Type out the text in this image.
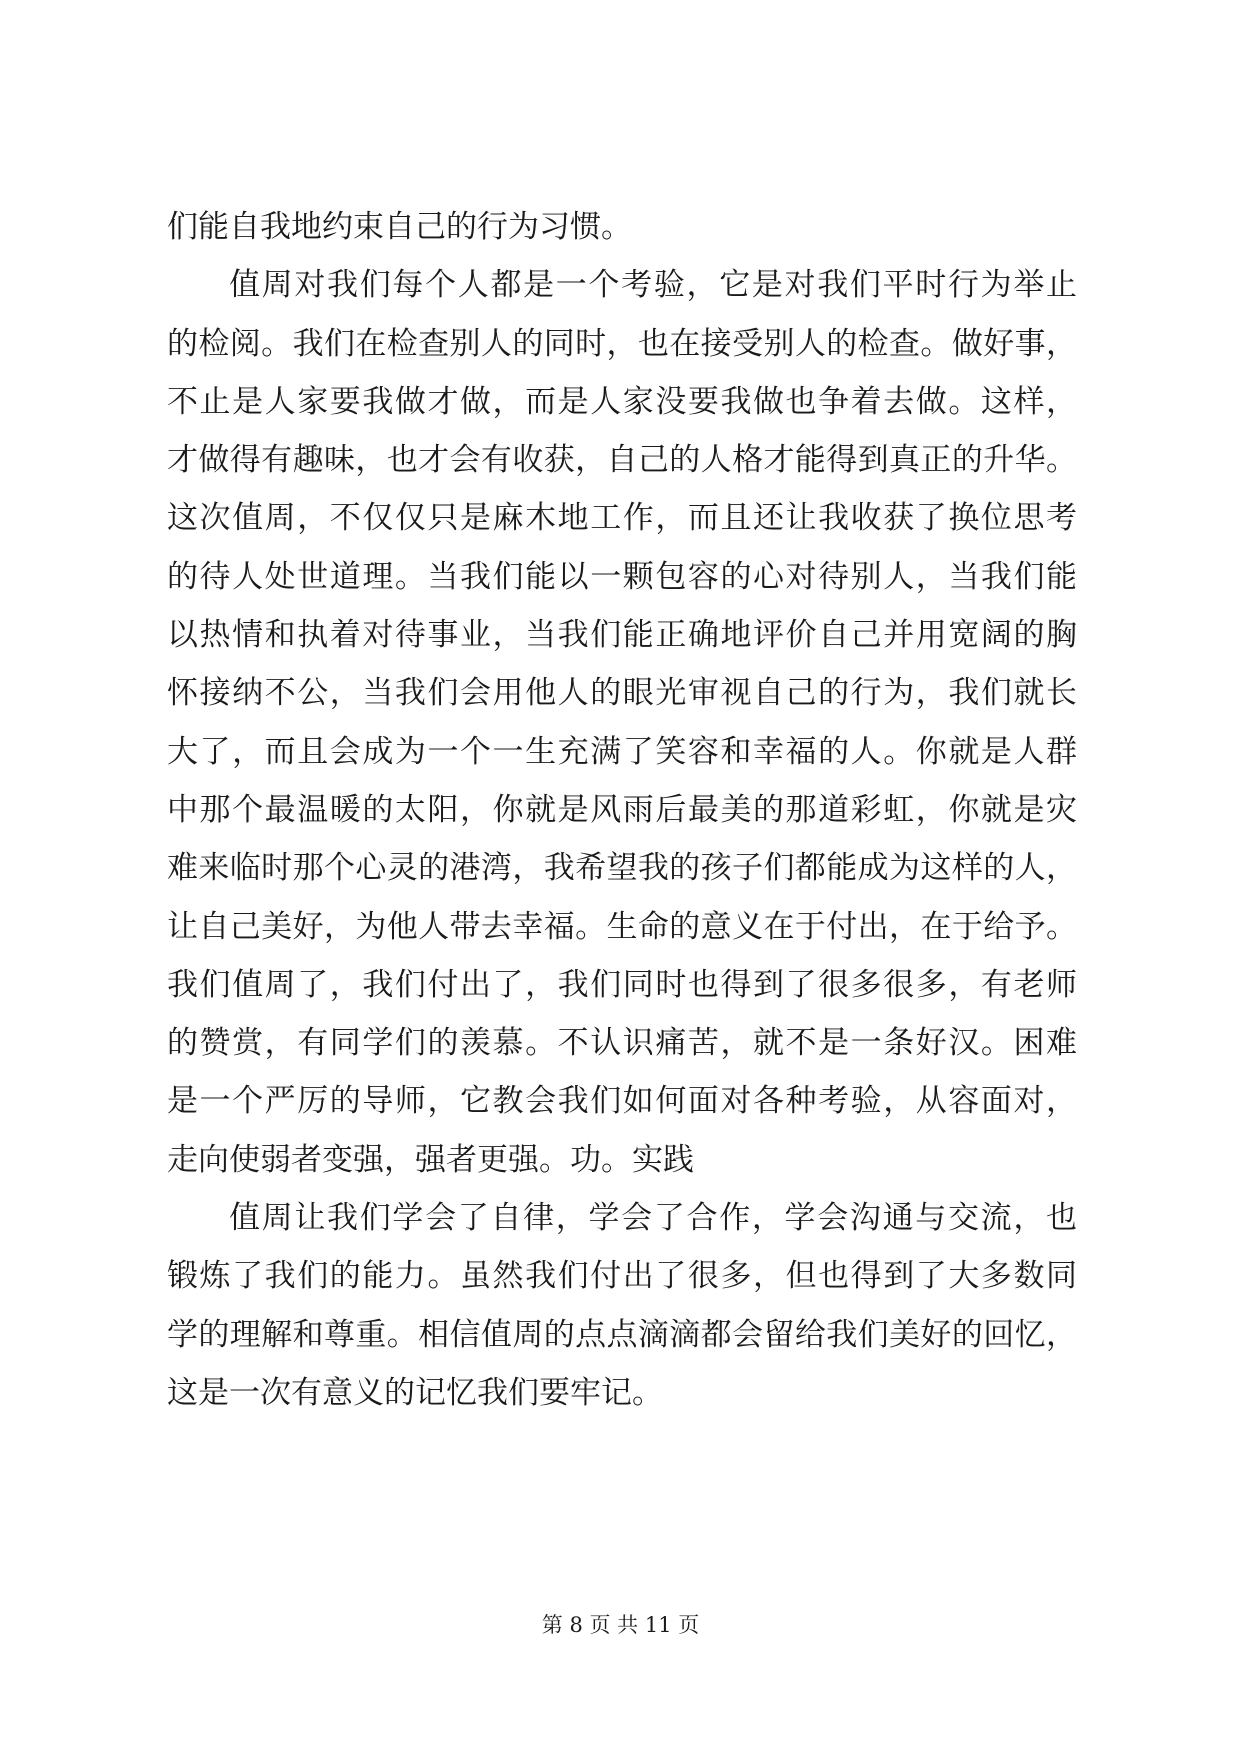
们能自我地约束自己的行为习惯。
值周对我们每个人都是一个考验，它是对我们平时行为举止
的检阅。我们在检查别人的同时，也在接受别人的检查。做好事，
不止是人家要我做才做，而是人家没要我做也争着去做。这样，
才做得有趣味，也才会有收获，自己的人格才能得到真正的升华。
这次值周，不仅仅只是麻木地工作，而且还让我收获了换位思考
的待人处世道理。当我们能以一颗包容的心对待别人，当我们能
以热情和执着对待事业，当我们能正确地评价自己并用宽阔的胸
怀接纳不公，当我们会用他人的眼光审视自己的行为，我们就长
大了，而且会成为一个一生充满了笑容和幸福的人。你就是人群
中那个最温暖的太阳，你就是风雨后最美的那道彩虹，你就是灾
难来临时那个心灵的港湾，我希望我的孩子们都能成为这样的人，
让自己美好，为他人带去幸福。生命的意义在于付出，在于给予。
我们值周了，我们付出了，我们同时也得到了很多很多，有老师
的赞赏，有同学们的羡慕。不认识痛苦，就不是一条好汉。困难
是一个严厉的导师，它教会我们如何面对各种考验，从容面对，
走向使弱者变强，强者更强。功。实践
值周让我们学会了自律，学会了合作，学会沟通与交流，也
锻炼了我们的能力。虽然我们付出了很多，但也得到了大多数同
学的理解和尊重。相信值周的点点滴滴都会留给我们美好的回忆，
这是一次有意义的记忆我们要牢记。
第 8 页 共 11 页
